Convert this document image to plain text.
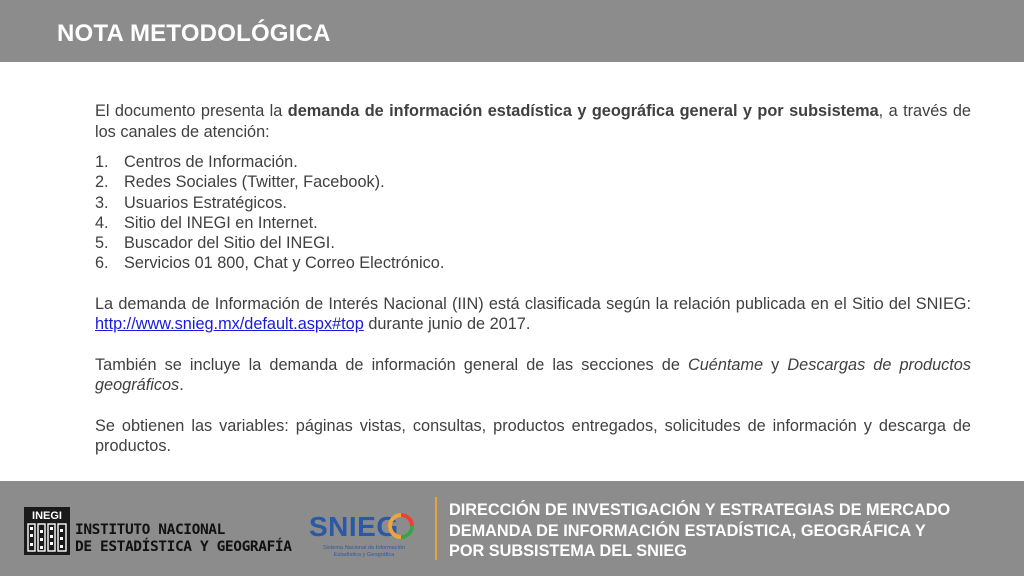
NOTA METODOLÓGICA

El documento presenta la demanda de información estadística y geográfica general y por subsistema, a través de los canales de atención:

1. Centros de Información.
2. Redes Sociales (Twitter, Facebook).
3. Usuarios Estratégicos.
4. Sitio del INEGI en Internet.
5. Buscador del Sitio del INEGI.
6. Servicios 01 800, Chat y Correo Electrónico.

La demanda de Información de Interés Nacional (IIN) está clasificada según la relación publicada en el Sitio del SNIEG: http://www.snieg.mx/default.aspx#top durante junio de 2017.

También se incluye la demanda de información general de las secciones de Cuéntame y Descargas de productos geográficos.

Se obtienen las variables: páginas vistas, consultas, productos entregados, solicitudes de información y descarga de productos.

INEGI
INSTITUTO NACIONAL
DE ESTADÍSTICA Y GEOGRAFÍA
SNIEG
Sistema Nacional de Información
Estadística y Geográfica
DIRECCIÓN DE INVESTIGACIÓN Y ESTRATEGIAS DE MERCADO
DEMANDA DE INFORMACIÓN ESTADÍSTICA, GEOGRÁFICA Y
POR SUBSISTEMA DEL SNIEG
